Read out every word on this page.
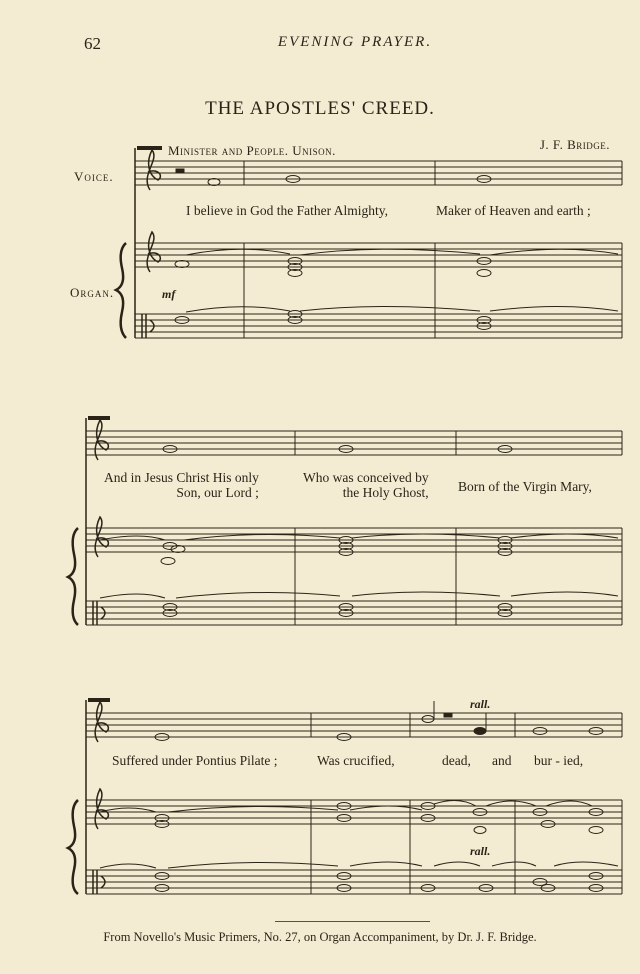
62	EVENING PRAYER.
THE APOSTLES' CREED.
J. F. Bridge.
Minister and People. Unison.
Voice.
Organ.	mf
rall.
rall.
I believe in God the Father Almighty,	Maker of Heaven and earth ;
And in Jesus Christ His only
Son, our Lord ;
Who was conceived by
the Holy Ghost, Born of the Virgin Mary,
Suffered under Pontius Pilate ;	Was crucified,	dead, and bur - ied,
From Novello's Music Primers, No. 27, on Organ Accompaniment, by Dr. J. F. Bridge.
